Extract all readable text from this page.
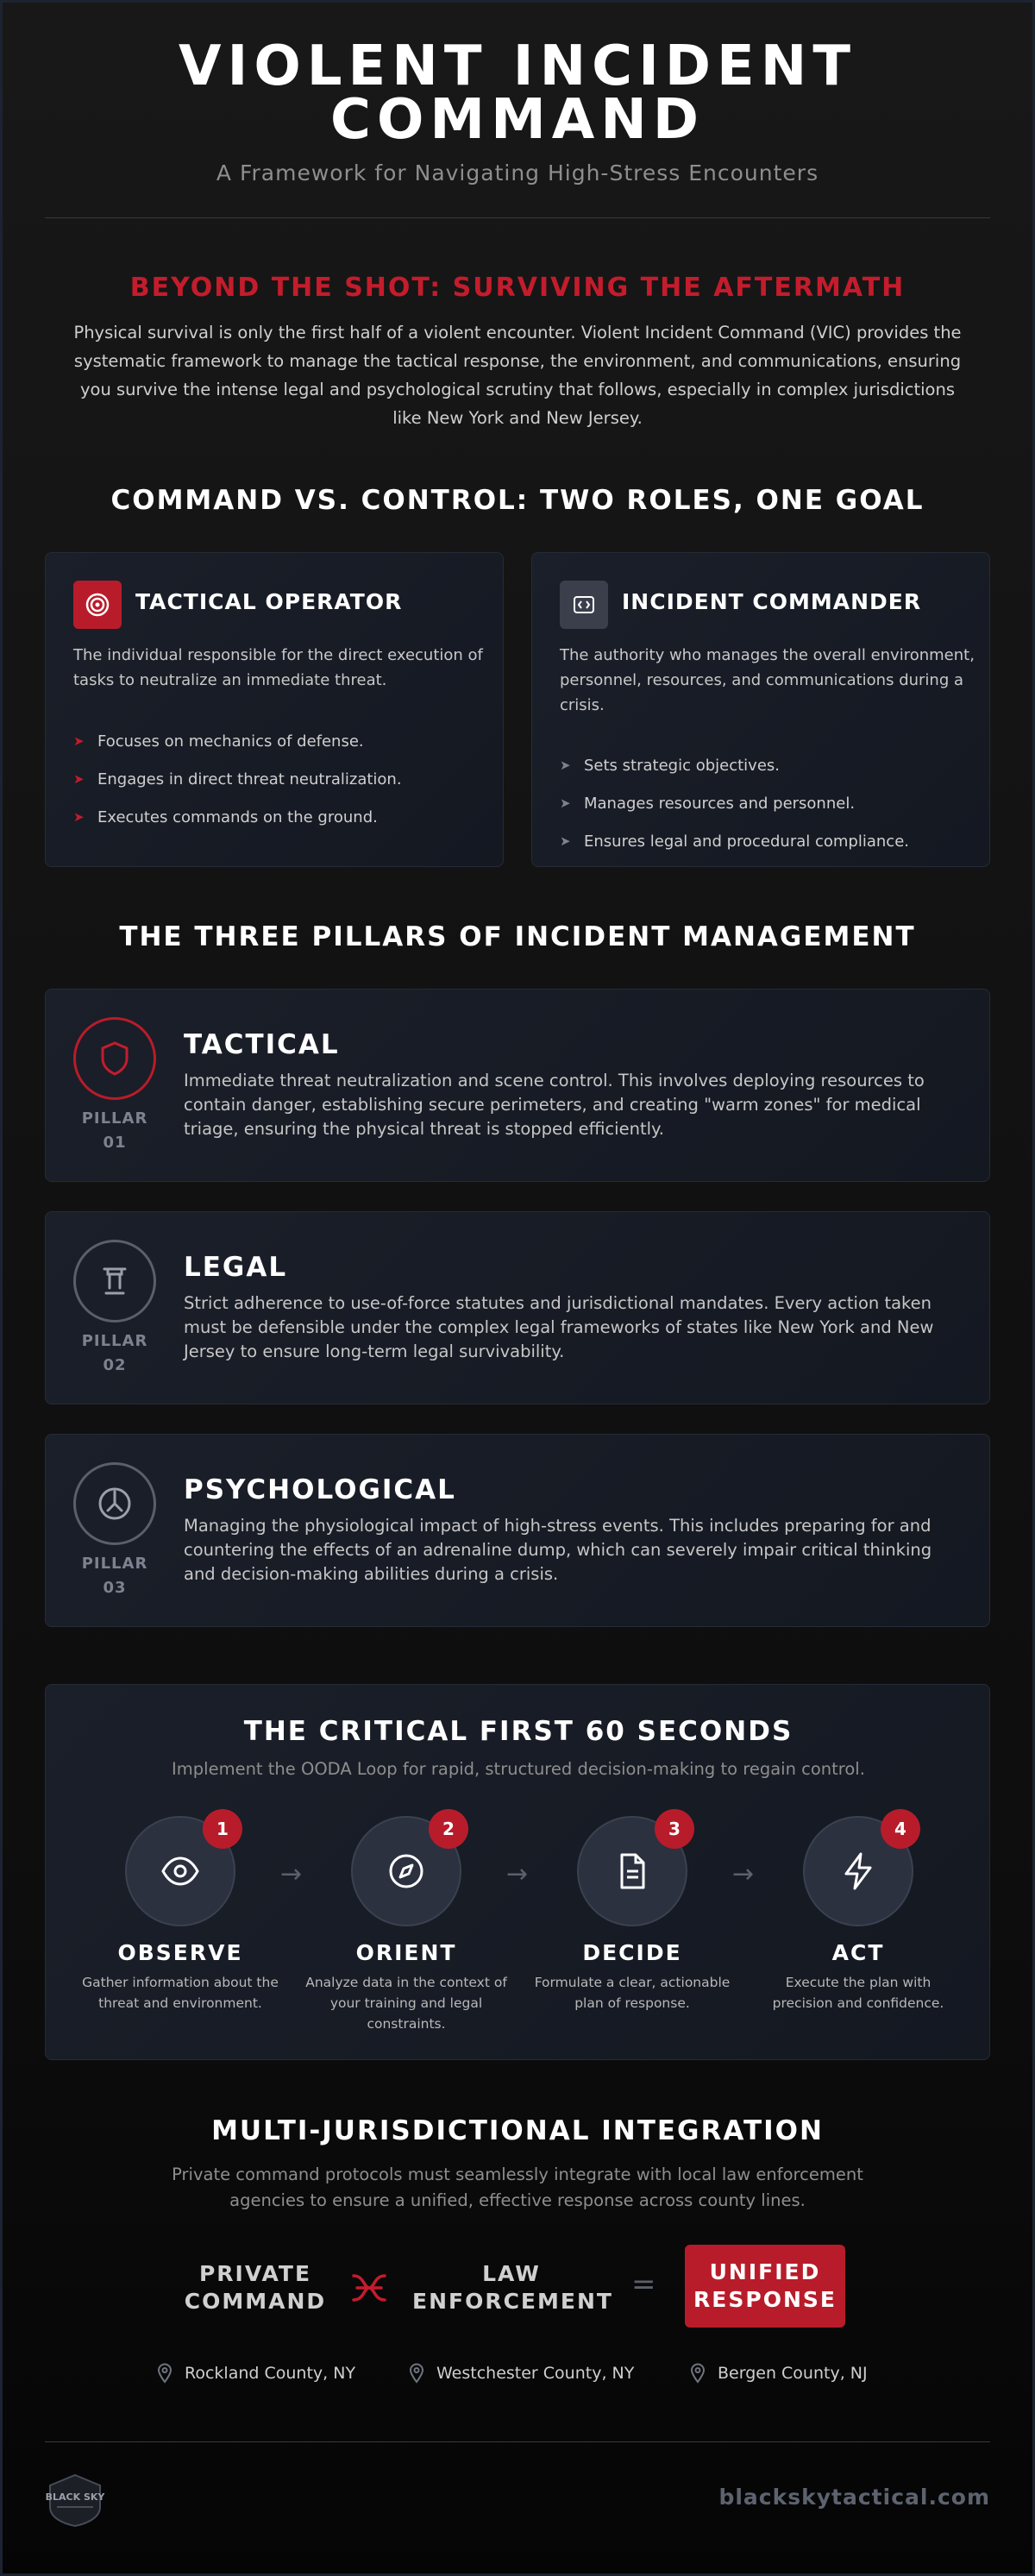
VIOLENT INCIDENT
COMMAND
A Framework for Navigating High-Stress Encounters
BEYOND THE SHOT: SURVIVING THE AFTERMATH
Physical survival is only the first half of a violent encounter. Violent Incident Command (VIC) provides the systematic framework to manage the tactical response, the environment, and communications, ensuring you survive the intense legal and psychological scrutiny that follows, especially in complex jurisdictions like New York and New Jersey.
COMMAND VS. CONTROL: TWO ROLES, ONE GOAL
TACTICAL OPERATOR
The individual responsible for the direct execution of tasks to neutralize an immediate threat.
➤ Focuses on mechanics of defense.
➤ Engages in direct threat neutralization.
➤ Executes commands on the ground.
INCIDENT COMMANDER
The authority who manages the overall environment, personnel, resources, and communications during a crisis.
➤ Sets strategic objectives.
➤ Manages resources and personnel.
➤ Ensures legal and procedural compliance.
THE THREE PILLARS OF INCIDENT MANAGEMENT
PILLAR
01
TACTICAL
Immediate threat neutralization and scene control. This involves deploying resources to contain danger, establishing secure perimeters, and creating "warm zones" for medical triage, ensuring the physical threat is stopped efficiently.
PILLAR
02
LEGAL
Strict adherence to use-of-force statutes and jurisdictional mandates. Every action taken must be defensible under the complex legal frameworks of states like New York and New Jersey to ensure long-term legal survivability.
PILLAR
03
PSYCHOLOGICAL
Managing the physiological impact of high-stress events. This includes preparing for and countering the effects of an adrenaline dump, which can severely impair critical thinking and decision-making abilities during a crisis.
THE CRITICAL FIRST 60 SECONDS
Implement the OODA Loop for rapid, structured decision-making to regain control.
1
OBSERVE
Gather information about the threat and environment.
→
2
ORIENT
Analyze data in the context of your training and legal constraints.
→
3
DECIDE
Formulate a clear, actionable plan of response.
→
4
ACT
Execute the plan with precision and confidence.
MULTI-JURISDICTIONAL INTEGRATION
Private command protocols must seamlessly integrate with local law enforcement agencies to ensure a unified, effective response across county lines.
PRIVATE
COMMAND
LAW
ENFORCEMENT = UNIFIED
RESPONSE
Rockland County, NY	Westchester County, NY	Bergen County, NJ
BLACK SKY	blackskytactical.com
